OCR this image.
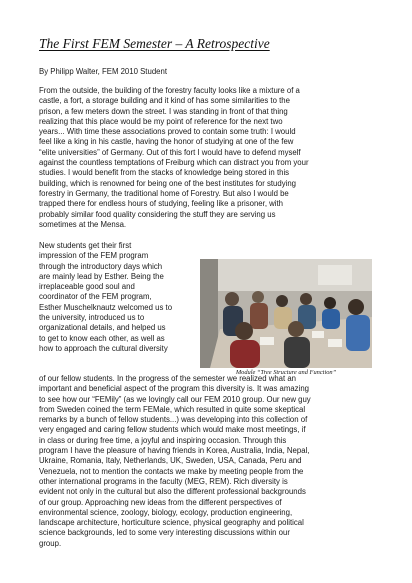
The First FEM Semester – A Retrospective
By Philipp Walter, FEM 2010 Student
From the outside, the building of the forestry faculty looks like a mixture of a
castle, a fort, a storage building and it kind of has some similarities to the
prison, a few meters down the street. I was standing in front of that thing
realizing that this place would be my point of reference for the next two
years... With time these associations proved to contain some truth: I would
feel like a king in his castle, having the honor of studying at one of the few
“elite universities” of Germany. Out of this fort I would have to defend myself
against the countless temptations of Freiburg which can distract you from your
studies. I would benefit from the stacks of knowledge being stored in this
building, which is renowned for being one of the best institutes for studying
forestry in Germany, the traditional home of Forestry. But also I would be
trapped there for endless hours of studying, feeling like a prisoner, with
probably similar food quality considering the stuff they are serving us
sometimes at the Mensa.
New students get their first
impression of the FEM program
through the introductory days which
are mainly lead by Esther. Being the
irreplaceable good soul and
coordinator of the FEM program,
Esther Muschelknautz welcomed us to
the university, introduced us to
organizational details, and helped us
to get to know each other, as well as
how to approach the cultural diversity
of our fellow students. In the progress of the semester we realized what an
important and beneficial aspect of the program this diversity is. It was amazing
to see how our “FEMily” (as we lovingly call our FEM 2010 group. Our new guy
from Sweden coined the term FEMale, which resulted in quite some skeptical
remarks by a bunch of fellow students...) was developing into this collection of
very engaged and caring fellow students which would make most meetings, if
in class or during free time, a joyful and inspiring occasion. Through this
program I have the pleasure of having friends in Korea, Australia, India, Nepal,
Ukraine, Romania, Italy, Netherlands, UK, Sweden, USA, Canada, Peru and
Venezuela, not to mention the contacts we make by meeting people from the
other international programs in the faculty (MEG, REM). Rich diversity is
evident not only in the cultural but also the different professional backgrounds
of our group. Approaching new ideas from the different perspectives of
environmental science, zoology, biology, ecology, production engineering,
landscape architecture, horticulture science, physical geography and political
science backgrounds, led to some very interesting discussions within our
group.
Module “Tree Structure and Function”
